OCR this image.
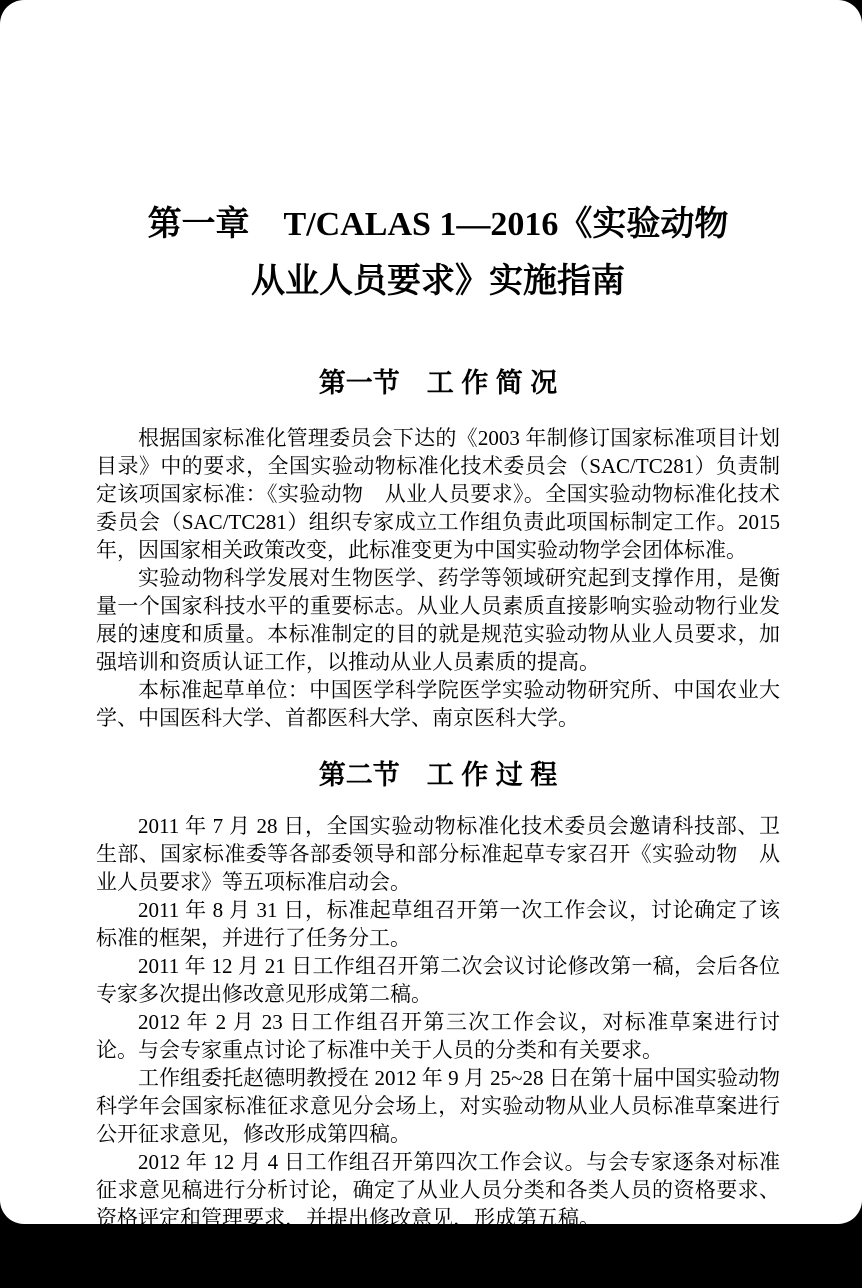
第一章　T/CALAS 1—2016《实验动物
从业人员要求》实施指南
第一节　工 作 简 况

根据国家标准化管理委员会下达的《2003 年制修订国家标准项目计划目录》中的要求，全国实验动物标准化技术委员会（SAC/TC281）负责制定该项国家标准：《实验动物　从业人员要求》。全国实验动物标准化技术委员会（SAC/TC281）组织专家成立工作组负责此项国标制定工作。2015 年，因国家相关政策改变，此标准变更为中国实验动物学会团体标准。

实验动物科学发展对生物医学、药学等领域研究起到支撑作用，是衡量一个国家科技水平的重要标志。从业人员素质直接影响实验动物行业发展的速度和质量。本标准制定的目的就是规范实验动物从业人员要求，加强培训和资质认证工作，以推动从业人员素质的提高。

本标准起草单位：中国医学科学院医学实验动物研究所、中国农业大学、中国医科大学、首都医科大学、南京医科大学。

第二节　工 作 过 程

2011 年 7 月 28 日，全国实验动物标准化技术委员会邀请科技部、卫生部、国家标准委等各部委领导和部分标准起草专家召开《实验动物　从业人员要求》等五项标准启动会。

2011 年 8 月 31 日，标准起草组召开第一次工作会议，讨论确定了该标准的框架，并进行了任务分工。

2011 年 12 月 21 日工作组召开第二次会议讨论修改第一稿，会后各位专家多次提出修改意见形成第二稿。

2012 年 2 月 23 日工作组召开第三次工作会议，对标准草案进行讨论。与会专家重点讨论了标准中关于人员的分类和有关要求。

工作组委托赵德明教授在 2012 年 9 月 25~28 日在第十届中国实验动物科学年会国家标准征求意见分会场上，对实验动物从业人员标准草案进行公开征求意见，修改形成第四稿。

2012 年 12 月 4 日工作组召开第四次工作会议。与会专家逐条对标准征求意见稿进行分析讨论，确定了从业人员分类和各类人员的资格要求、资格评定和管理要求，并提出修改意见，形成第五稿。

2013 年 5 月 23 日工作组召开第五次工作会议，对标准草案第六稿进行讨论。与会专
